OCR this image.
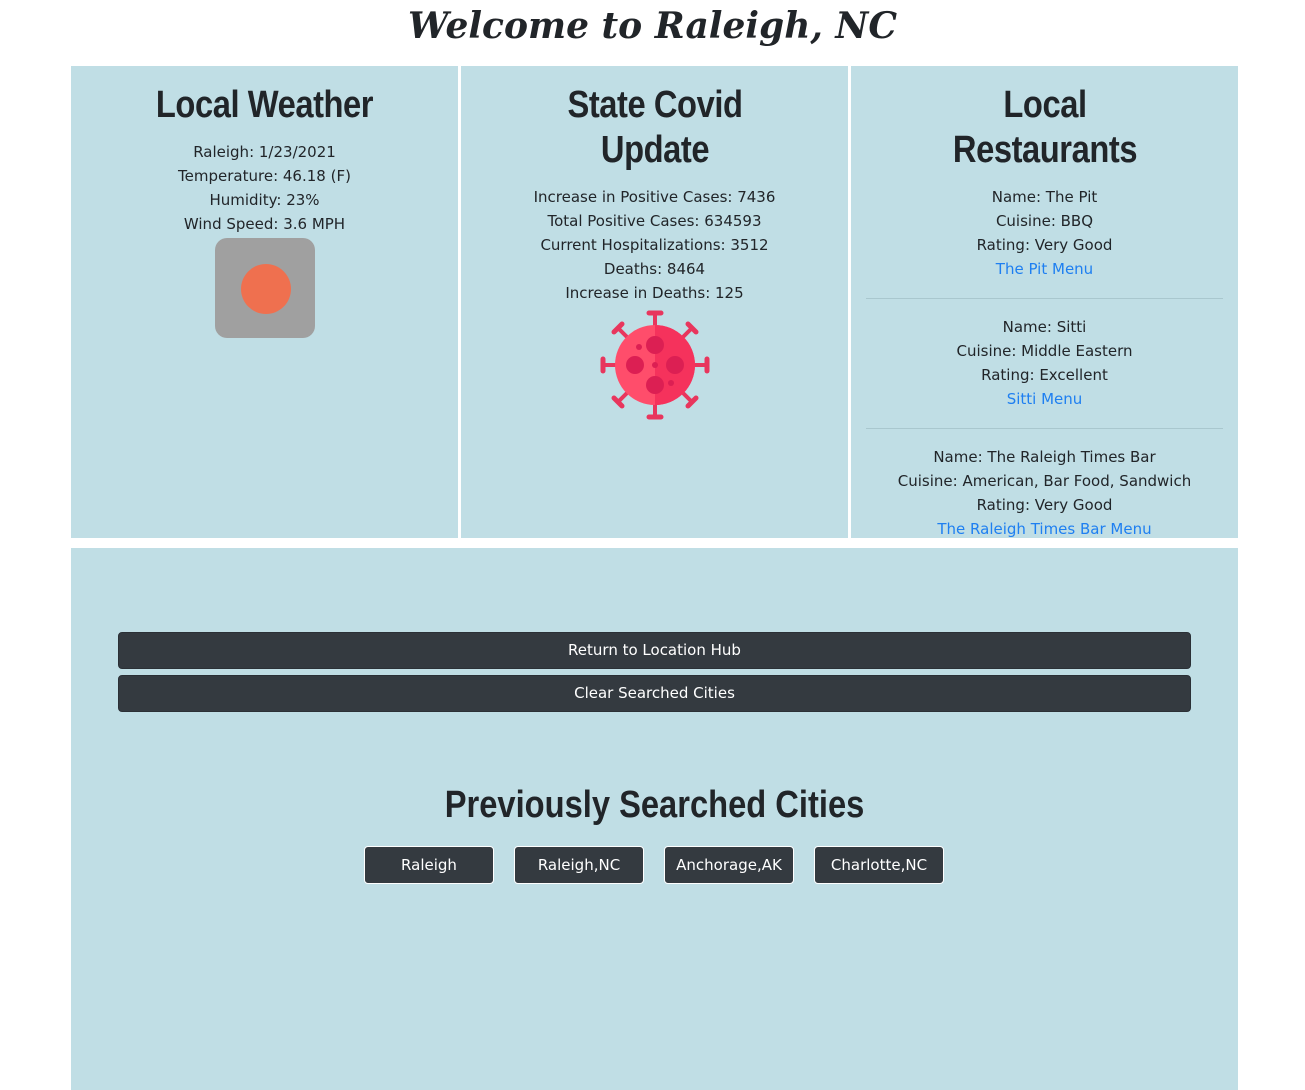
Welcome to Raleigh, NC
Local Weather
Raleigh: 1/23/2021
Temperature: 46.18 (F)
Humidity: 23%
Wind Speed: 3.6 MPH
State Covid Update
Increase in Positive Cases: 7436
Total Positive Cases: 634593
Current Hospitalizations: 3512
Deaths: 8464
Increase in Deaths: 125
Local Restaurants
Name: The Pit
Cuisine: BBQ
Rating: Very Good
The Pit Menu
Name: Sitti
Cuisine: Middle Eastern
Rating: Excellent
Sitti Menu
Name: The Raleigh Times Bar
Cuisine: American, Bar Food, Sandwich
Rating: Very Good
The Raleigh Times Bar Menu
Return to Location Hub
Clear Searched Cities
Previously Searched Cities
Raleigh	Raleigh,NC	Anchorage,AK	Charlotte,NC
